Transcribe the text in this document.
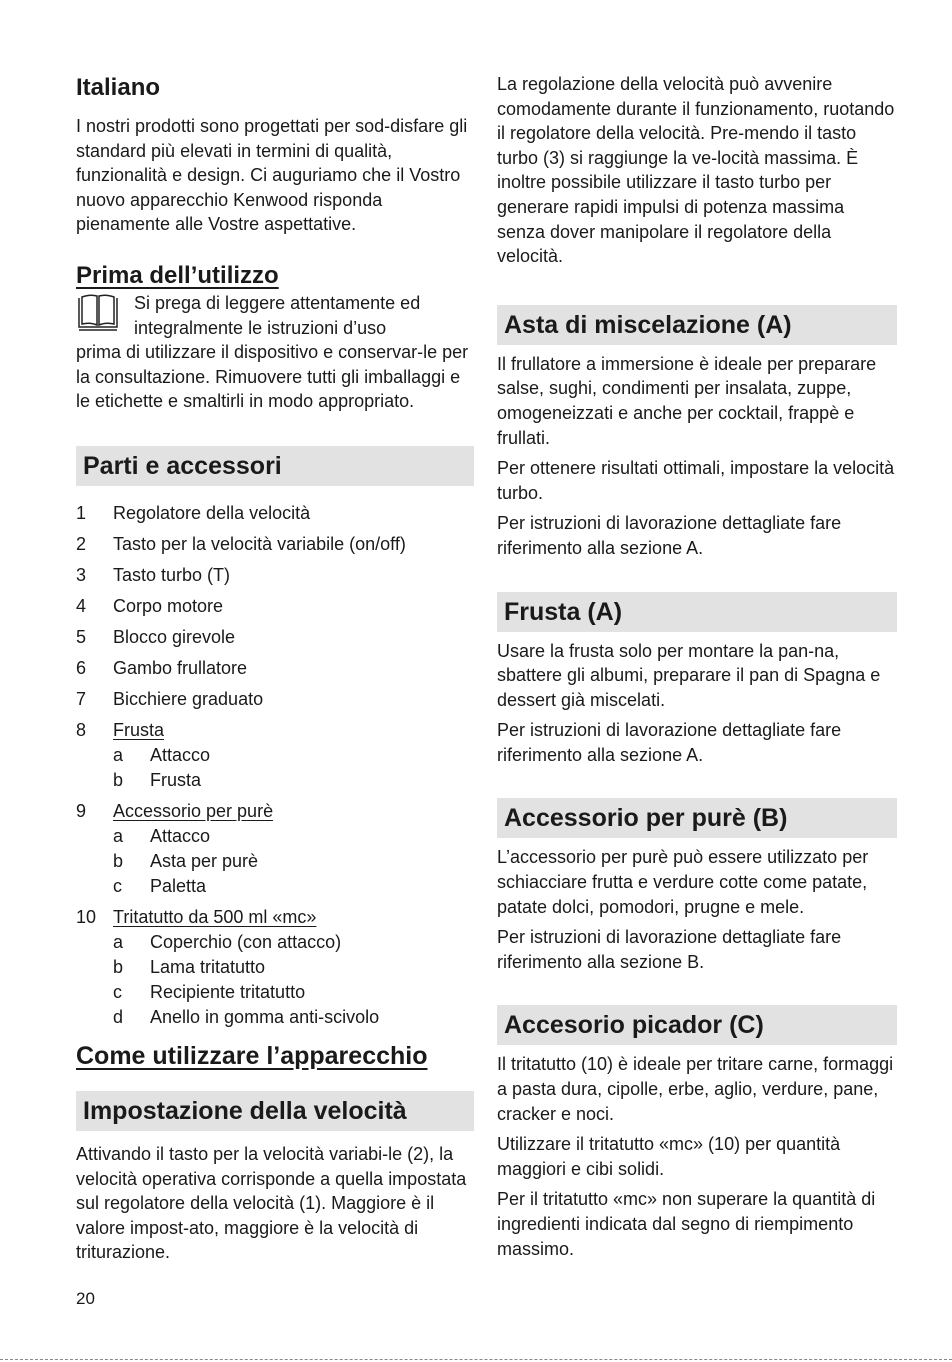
Italiano

I nostri prodotti sono progettati per sod-disfare gli standard più elevati in termini di qualità, funzionalità e design. Ci auguriamo che il Vostro nuovo apparecchio Kenwood risponda pienamente alle Vostre aspettative.

Prima dell’utilizzo

Si prega di leggere attentamente ed

integralmente le istruzioni d’uso

prima di utilizzare il dispositivo e conservar-le per la consultazione. Rimuovere tutti gli imballaggi e le etichette e smaltirli in modo appropriato.

Parti e accessori
1	Regolatore della velocità
2	Tasto per la velocità variabile (on/off)
3	Tasto turbo (T)
4	Corpo motore
5	Blocco girevole
6	Gambo frullatore
7	Bicchiere graduato
8	Frusta
a	Attacco
b	Frusta
9	Accessorio per purè
a	Attacco
b	Asta per purè
c	Paletta
10 Tritatutto da 500 ml «mc»
a	Coperchio (con attacco)
b	Lama tritatutto
c	Recipiente tritatutto
d	Anello in gomma anti-scivolo
Come utilizzare l’apparecchio
Impostazione della velocità

Attivando il tasto per la velocità variabi-le (2), la velocità operativa corrisponde a quella impostata sul regolatore della velocità (1). Maggiore è il valore impost-ato, maggiore è la velocità di triturazione.

La regolazione della velocità può avvenire comodamente durante il funzionamento, ruotando il regolatore della velocità. Pre-mendo il tasto turbo (3) si raggiunge la ve-locità massima. È inoltre possibile utilizzare il tasto turbo per generare rapidi impulsi di potenza massima senza dover manipolare il regolatore della velocità.

Asta di miscelazione (A)

Il frullatore a immersione è ideale per preparare salse, sughi, condimenti per insalata, zuppe, omogeneizzati e anche per cocktail, frappè e frullati.

Per ottenere risultati ottimali, impostare la velocità turbo.

Per istruzioni di lavorazione dettagliate fare riferimento alla sezione A.

Frusta (A)

Usare la frusta solo per montare la pan-na, sbattere gli albumi, preparare il pan di Spagna e dessert già miscelati.

Per istruzioni di lavorazione dettagliate fare riferimento alla sezione A.

Accessorio per purè (B)

L’accessorio per purè può essere utilizzato per schiacciare frutta e verdure cotte come patate, patate dolci, pomodori, prugne e mele.

Per istruzioni di lavorazione dettagliate fare riferimento alla sezione B.

Accesorio picador (C)

Il tritatutto (10) è ideale per tritare carne, formaggi a pasta dura, cipolle, erbe, aglio, verdure, pane, cracker e noci.

Utilizzare il tritatutto «mc» (10) per quantità maggiori e cibi solidi.

Per il tritatutto «mc» non superare la quantità di ingredienti indicata dal segno di riempimento massimo.

20
